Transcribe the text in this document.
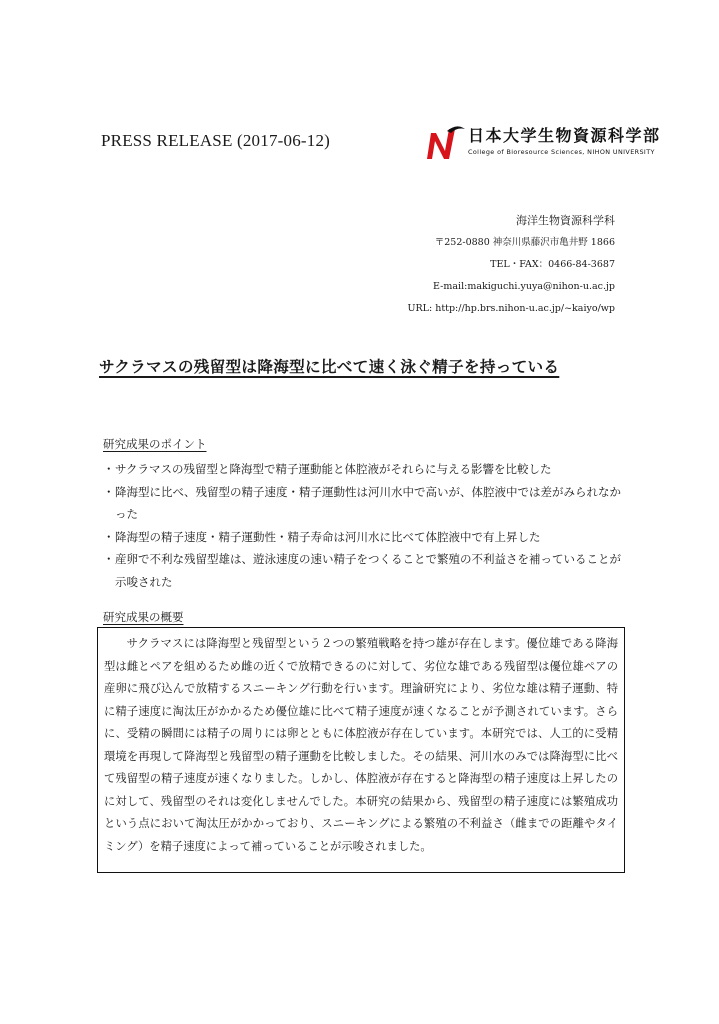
PRESS RELEASE (2017-06-12)	日本大学生物資源科学部
College of Bioresource Sciences, NIHON UNIVERSITY
海洋生物資源科学科
〒252-0880 神奈川県藤沢市亀井野 1866
TEL・FAX：0466-84-3687
E-mail:makiguchi.yuya@nihon-u.ac.jp
URL: http://hp.brs.nihon-u.ac.jp/~kaiyo/wp
サクラマスの残留型は降海型に比べて速く泳ぐ精子を持っている
研究成果のポイント
・ サクラマスの残留型と降海型で精子運動能と体腔液がそれらに与える影響を比較した
・ 降海型に比べ、残留型の精子速度・精子運動性は河川水中で高いが、体腔液中では差がみられなかった
・ 降海型の精子速度・精子運動性・精子寿命は河川水に比べて体腔液中で有上昇した
・ 産卵で不利な残留型雄は、遊泳速度の速い精子をつくることで繁殖の不利益さを補っていることが示唆された
研究成果の概要
サクラマスには降海型と残留型という２つの繁殖戦略を持つ雄が存在します。優位雄である降海型は雌とペアを組めるため雌の近くで放精できるのに対して、劣位な雄である残留型は優位雄ペアの産卵に飛び込んで放精するスニーキング行動を行います。理論研究により、劣位な雄は精子運動、特に精子速度に淘汰圧がかかるため優位雄に比べて精子速度が速くなることが予測されています。さらに、受精の瞬間には精子の周りには卵とともに体腔液が存在しています。本研究では、人工的に受精環境を再現して降海型と残留型の精子運動を比較しました。その結果、河川水のみでは降海型に比べて残留型の精子速度が速くなりました。しかし、体腔液が存在すると降海型の精子速度は上昇したのに対して、残留型のそれは変化しませんでした。本研究の結果から、残留型の精子速度には繁殖成功という点において淘汰圧がかかっており、スニーキングによる繁殖の不利益さ（雌までの距離やタイミング）を精子速度によって補っていることが示唆されました。
